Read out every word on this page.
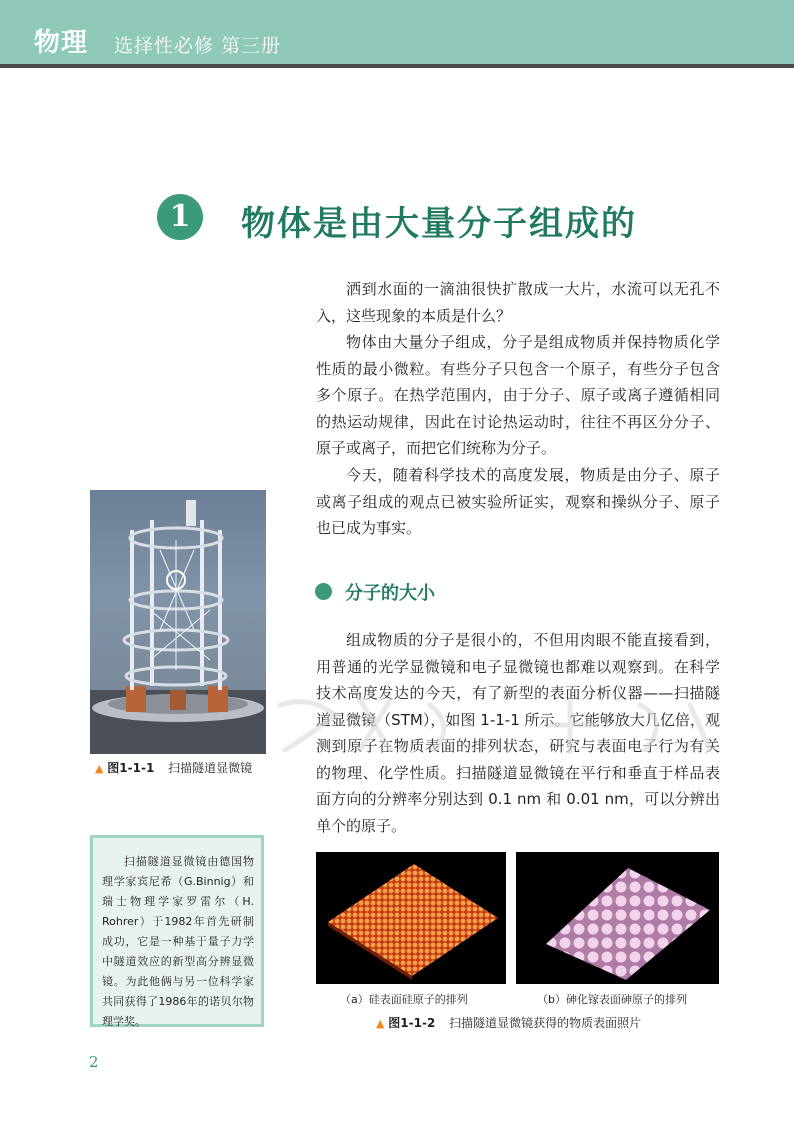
物理 选择性必修 第三册
1	物体是由大量分子组成的

洒到水面的一滴油很快扩散成一大片，水流可以无孔不入，这些现象的本质是什么？

物体由大量分子组成，分子是组成物质并保持物质化学性质的最小微粒。有些分子只包含一个原子，有些分子包含多个原子。在热学范围内，由于分子、原子或离子遵循相同的热运动规律，因此在讨论热运动时，往往不再区分分子、原子或离子，而把它们统称为分子。

今天，随着科学技术的高度发展，物质是由分子、原子或离子组成的观点已被实验所证实，观察和操纵分子、原子也已成为事实。

分子的大小

组成物质的分子是很小的，不但用肉眼不能直接看到，用普通的光学显微镜和电子显微镜也都难以观察到。在科学技术高度发达的今天，有了新型的表面分析仪器——扫描隧道显微镜（STM），如图 1-1-1 所示。它能够放大几亿倍，观测到原子在物质表面的排列状态，研究与表面电子行为有关的物理、化学性质。扫描隧道显微镜在平行和垂直于样品表面方向的分辨率分别达到 0.1 nm 和 0.01 nm，可以分辨出单个的原子。

▲ 图1-1-1 扫描隧道显微镜

扫描隧道显微镜由德国物理学家宾尼希（G.Binnig）和瑞士物理学家罗雷尔（H. Rohrer）于1982年首先研制成功，它是一种基于量子力学中隧道效应的新型高分辨显微镜。为此他俩与另一位科学家共同获得了1986年的诺贝尔物理学奖。

（a）硅表面硅原子的排列	（b）砷化镓表面砷原子的排列
▲ 图1-1-2 扫描隧道显微镜获得的物质表面照片
2
